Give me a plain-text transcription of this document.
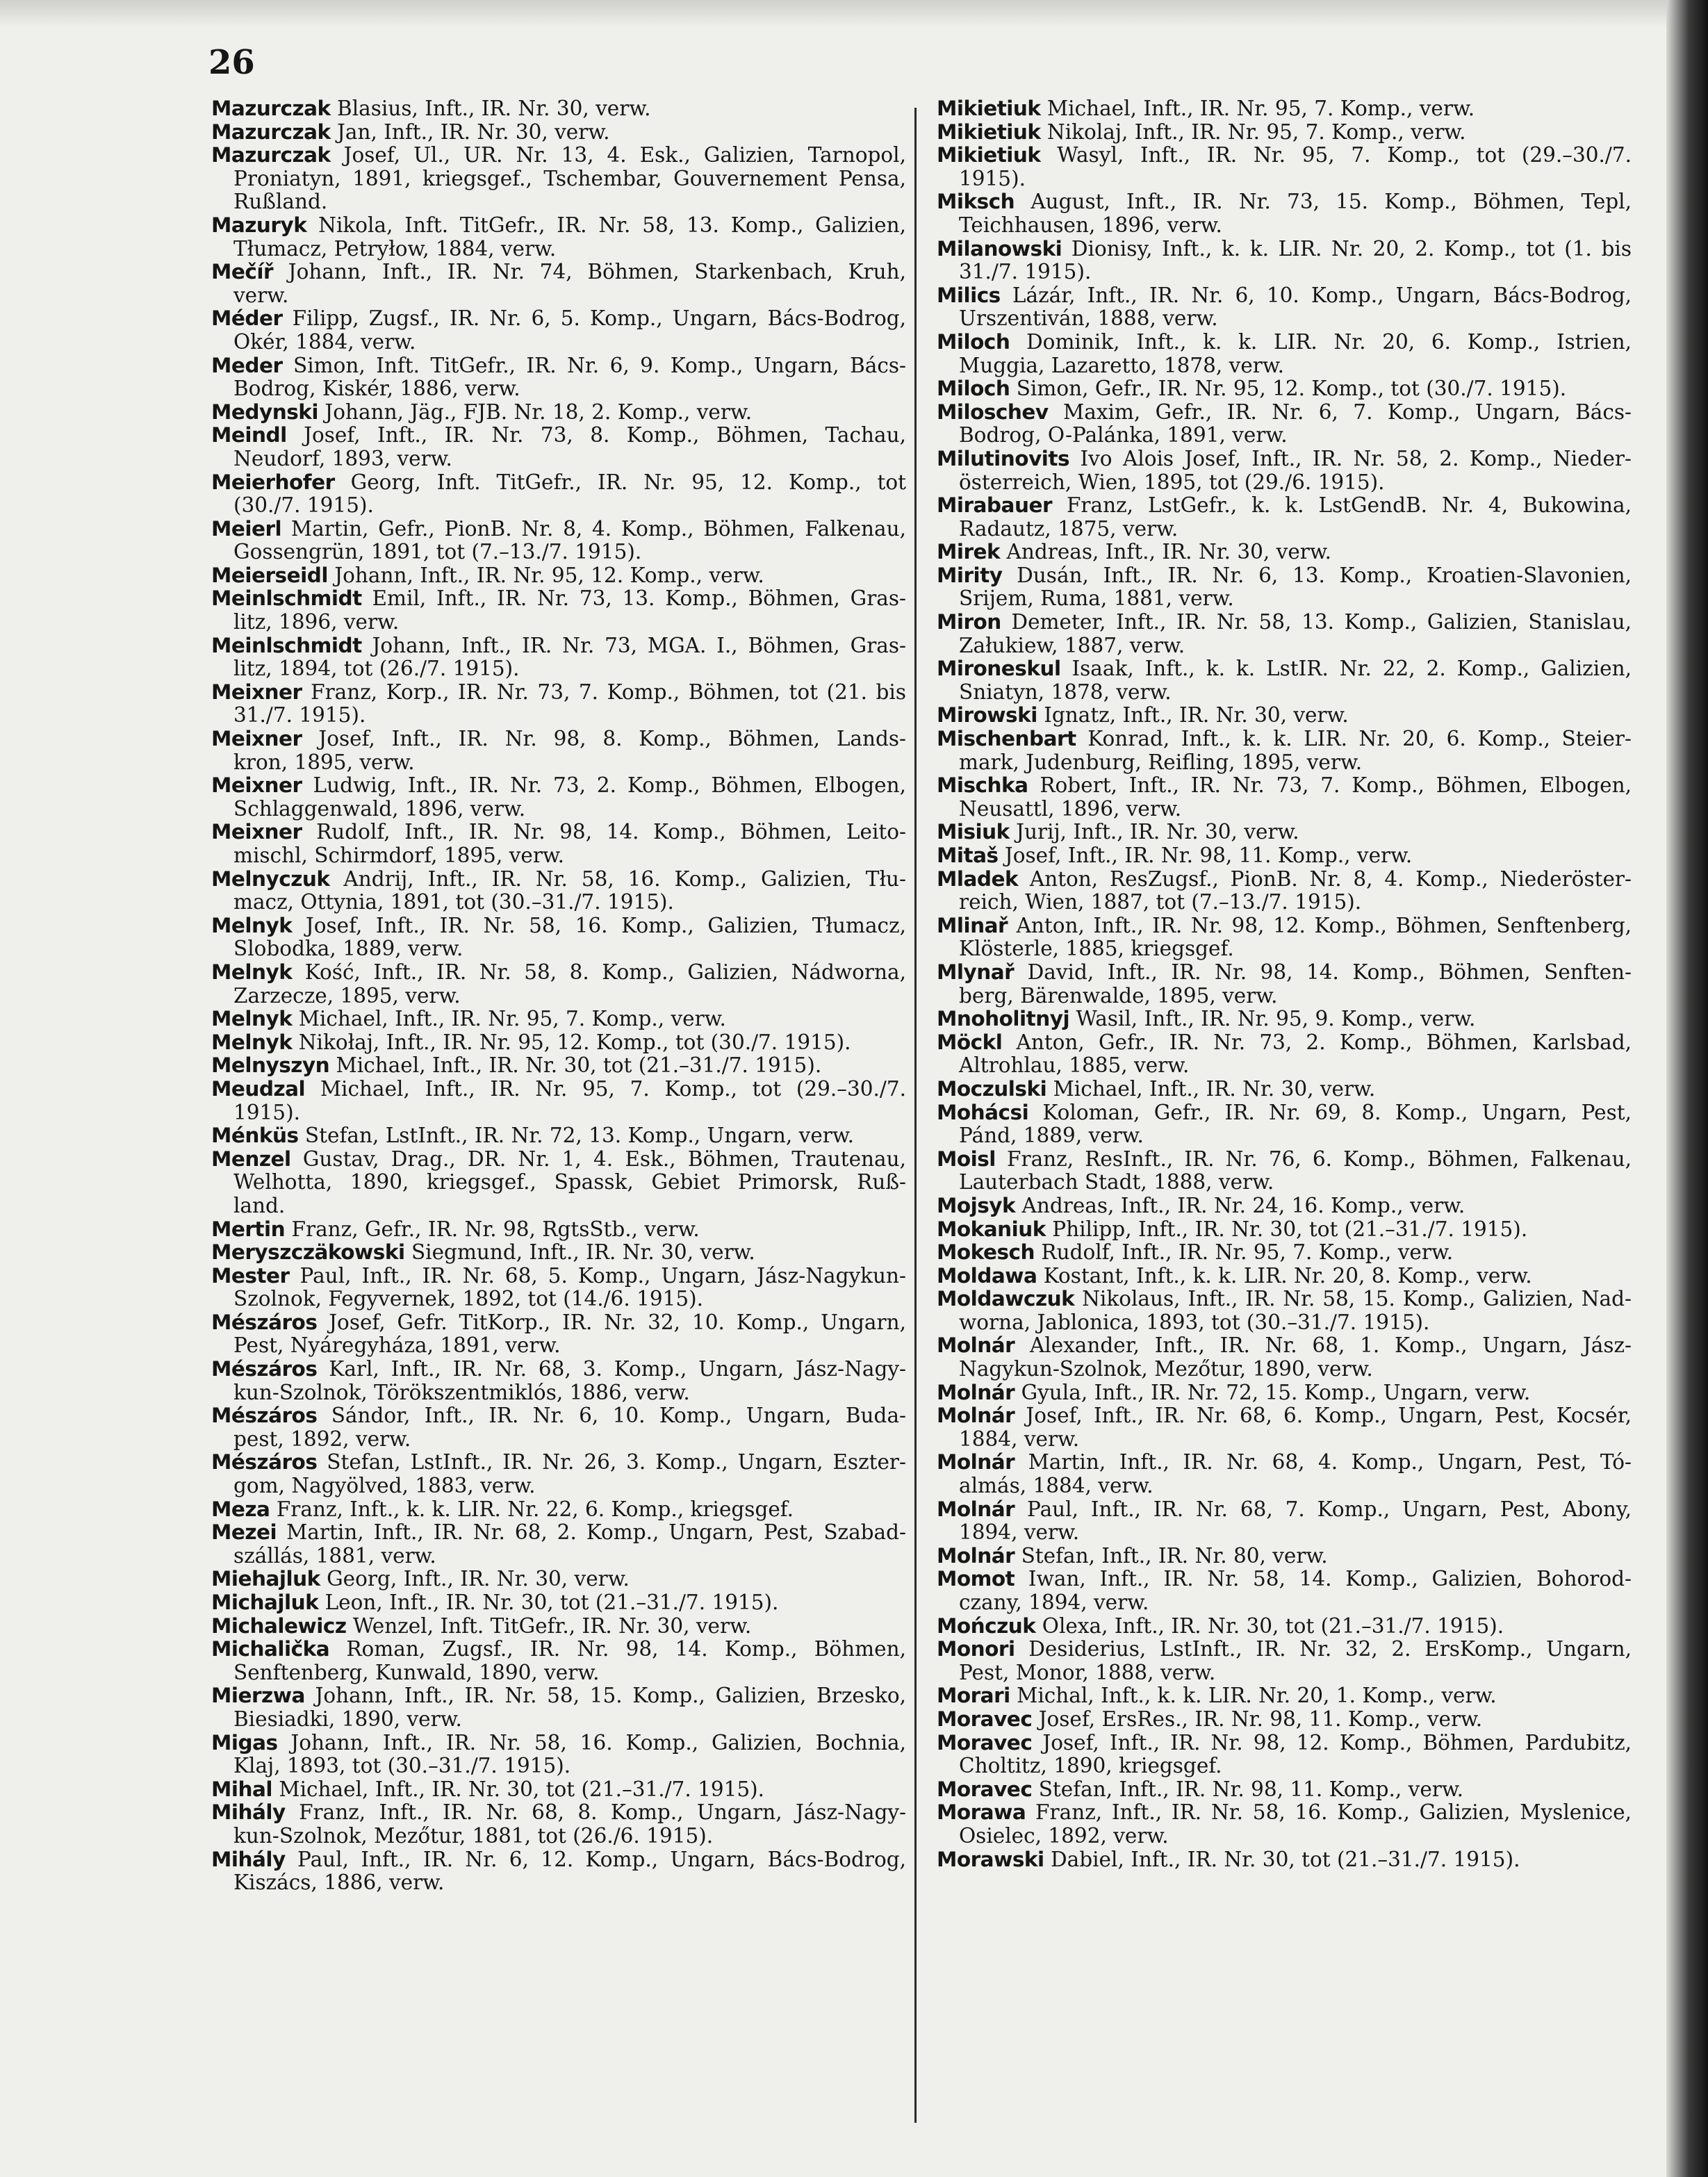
26
Mazurczak Blasius, Inft., IR. Nr. 30, verw.
Mazurczak Jan, Inft., IR. Nr. 30, verw.
Mazurczak Josef, Ul., UR. Nr. 13, 4. Esk., Galizien, Tarnopol,
Proniatyn, 1891, kriegsgef., Tschembar, Gouvernement Pensa,
Rußland.
Mazuryk Nikola, Inft. TitGefr., IR. Nr. 58, 13. Komp., Galizien,
Tłumacz, Petryłow, 1884, verw.
Mečíř Johann, Inft., IR. Nr. 74, Böhmen, Starkenbach, Kruh,
verw.
Méder Filipp, Zugsf., IR. Nr. 6, 5. Komp., Ungarn, Bács-Bodrog,
Okér, 1884, verw.
Meder Simon, Inft. TitGefr., IR. Nr. 6, 9. Komp., Ungarn, Bács-
Bodrog, Kiskér, 1886, verw.
Medynski Johann, Jäg., FJB. Nr. 18, 2. Komp., verw.
Meindl Josef, Inft., IR. Nr. 73, 8. Komp., Böhmen, Tachau,
Neudorf, 1893, verw.
Meierhofer Georg, Inft. TitGefr., IR. Nr. 95, 12. Komp., tot
(30./7. 1915).
Meierl Martin, Gefr., PionB. Nr. 8, 4. Komp., Böhmen, Falkenau,
Gossengrün, 1891, tot (7.–13./7. 1915).
Meierseidl Johann, Inft., IR. Nr. 95, 12. Komp., verw.
Meinlschmidt Emil, Inft., IR. Nr. 73, 13. Komp., Böhmen, Gras-
litz, 1896, verw.
Meinlschmidt Johann, Inft., IR. Nr. 73, MGA. I., Böhmen, Gras-
litz, 1894, tot (26./7. 1915).
Meixner Franz, Korp., IR. Nr. 73, 7. Komp., Böhmen, tot (21. bis
31./7. 1915).
Meixner Josef, Inft., IR. Nr. 98, 8. Komp., Böhmen, Lands-
kron, 1895, verw.
Meixner Ludwig, Inft., IR. Nr. 73, 2. Komp., Böhmen, Elbogen,
Schlaggenwald, 1896, verw.
Meixner Rudolf, Inft., IR. Nr. 98, 14. Komp., Böhmen, Leito-
mischl, Schirmdorf, 1895, verw.
Melnyczuk Andrij, Inft., IR. Nr. 58, 16. Komp., Galizien, Tłu-
macz, Ottynia, 1891, tot (30.–31./7. 1915).
Melnyk Josef, Inft., IR. Nr. 58, 16. Komp., Galizien, Tłumacz,
Slobodka, 1889, verw.
Melnyk Kość, Inft., IR. Nr. 58, 8. Komp., Galizien, Nádworna,
Zarzecze, 1895, verw.
Melnyk Michael, Inft., IR. Nr. 95, 7. Komp., verw.
Melnyk Nikołaj, Inft., IR. Nr. 95, 12. Komp., tot (30./7. 1915).
Melnyszyn Michael, Inft., IR. Nr. 30, tot (21.–31./7. 1915).
Meudzal Michael, Inft., IR. Nr. 95, 7. Komp., tot (29.–30./7.
1915).
Ménküs Stefan, LstInft., IR. Nr. 72, 13. Komp., Ungarn, verw.
Menzel Gustav, Drag., DR. Nr. 1, 4. Esk., Böhmen, Trautenau,
Welhotta, 1890, kriegsgef., Spassk, Gebiet Primorsk, Ruß-
land.
Mertin Franz, Gefr., IR. Nr. 98, RgtsStb., verw.
Meryszczäkowski Siegmund, Inft., IR. Nr. 30, verw.
Mester Paul, Inft., IR. Nr. 68, 5. Komp., Ungarn, Jász-Nagykun-
Szolnok, Fegyvernek, 1892, tot (14./6. 1915).
Mészáros Josef, Gefr. TitKorp., IR. Nr. 32, 10. Komp., Ungarn,
Pest, Nyáregyháza, 1891, verw.
Mészáros Karl, Inft., IR. Nr. 68, 3. Komp., Ungarn, Jász-Nagy-
kun-Szolnok, Törökszentmiklós, 1886, verw.
Mészáros Sándor, Inft., IR. Nr. 6, 10. Komp., Ungarn, Buda-
pest, 1892, verw.
Mészáros Stefan, LstInft., IR. Nr. 26, 3. Komp., Ungarn, Eszter-
gom, Nagyölved, 1883, verw.
Meza Franz, Inft., k. k. LIR. Nr. 22, 6. Komp., kriegsgef.
Mezei Martin, Inft., IR. Nr. 68, 2. Komp., Ungarn, Pest, Szabad-
szállás, 1881, verw.
Miehajluk Georg, Inft., IR. Nr. 30, verw.
Michajluk Leon, Inft., IR. Nr. 30, tot (21.–31./7. 1915).
Michalewicz Wenzel, Inft. TitGefr., IR. Nr. 30, verw.
Michalička Roman, Zugsf., IR. Nr. 98, 14. Komp., Böhmen,
Senftenberg, Kunwald, 1890, verw.
Mierzwa Johann, Inft., IR. Nr. 58, 15. Komp., Galizien, Brzesko,
Biesiadki, 1890, verw.
Migas Johann, Inft., IR. Nr. 58, 16. Komp., Galizien, Bochnia,
Klaj, 1893, tot (30.–31./7. 1915).
Mihal Michael, Inft., IR. Nr. 30, tot (21.–31./7. 1915).
Mihály Franz, Inft., IR. Nr. 68, 8. Komp., Ungarn, Jász-Nagy-
kun-Szolnok, Mezőtur, 1881, tot (26./6. 1915).
Mihály Paul, Inft., IR. Nr. 6, 12. Komp., Ungarn, Bács-Bodrog,
Kiszács, 1886, verw.
Mikietiuk Michael, Inft., IR. Nr. 95, 7. Komp., verw.
Mikietiuk Nikolaj, Inft., IR. Nr. 95, 7. Komp., verw.
Mikietiuk Wasyl, Inft., IR. Nr. 95, 7. Komp., tot (29.–30./7.
1915).
Miksch August, Inft., IR. Nr. 73, 15. Komp., Böhmen, Tepl,
Teichhausen, 1896, verw.
Milanowski Dionisy, Inft., k. k. LIR. Nr. 20, 2. Komp., tot (1. bis
31./7. 1915).
Milics Lázár, Inft., IR. Nr. 6, 10. Komp., Ungarn, Bács-Bodrog,
Urszentiván, 1888, verw.
Miloch Dominik, Inft., k. k. LIR. Nr. 20, 6. Komp., Istrien,
Muggia, Lazaretto, 1878, verw.
Miloch Simon, Gefr., IR. Nr. 95, 12. Komp., tot (30./7. 1915).
Miloschev Maxim, Gefr., IR. Nr. 6, 7. Komp., Ungarn, Bács-
Bodrog, O-Palánka, 1891, verw.
Milutinovits Ivo Alois Josef, Inft., IR. Nr. 58, 2. Komp., Nieder-
österreich, Wien, 1895, tot (29./6. 1915).
Mirabauer Franz, LstGefr., k. k. LstGendB. Nr. 4, Bukowina,
Radautz, 1875, verw.
Mirek Andreas, Inft., IR. Nr. 30, verw.
Mirity Dusán, Inft., IR. Nr. 6, 13. Komp., Kroatien-Slavonien,
Srijem, Ruma, 1881, verw.
Miron Demeter, Inft., IR. Nr. 58, 13. Komp., Galizien, Stanislau,
Załukiew, 1887, verw.
Mironeskul Isaak, Inft., k. k. LstIR. Nr. 22, 2. Komp., Galizien,
Sniatyn, 1878, verw.
Mirowski Ignatz, Inft., IR. Nr. 30, verw.
Mischenbart Konrad, Inft., k. k. LIR. Nr. 20, 6. Komp., Steier-
mark, Judenburg, Reifling, 1895, verw.
Mischka Robert, Inft., IR. Nr. 73, 7. Komp., Böhmen, Elbogen,
Neusattl, 1896, verw.
Misiuk Jurij, Inft., IR. Nr. 30, verw.
Mitaš Josef, Inft., IR. Nr. 98, 11. Komp., verw.
Mladek Anton, ResZugsf., PionB. Nr. 8, 4. Komp., Niederöster-
reich, Wien, 1887, tot (7.–13./7. 1915).
Mlinař Anton, Inft., IR. Nr. 98, 12. Komp., Böhmen, Senftenberg,
Klösterle, 1885, kriegsgef.
Mlynař David, Inft., IR. Nr. 98, 14. Komp., Böhmen, Senften-
berg, Bärenwalde, 1895, verw.
Mnoholitnyj Wasil, Inft., IR. Nr. 95, 9. Komp., verw.
Möckl Anton, Gefr., IR. Nr. 73, 2. Komp., Böhmen, Karlsbad,
Altrohlau, 1885, verw.
Moczulski Michael, Inft., IR. Nr. 30, verw.
Mohácsi Koloman, Gefr., IR. Nr. 69, 8. Komp., Ungarn, Pest,
Pánd, 1889, verw.
Moisl Franz, ResInft., IR. Nr. 76, 6. Komp., Böhmen, Falkenau,
Lauterbach Stadt, 1888, verw.
Mojsyk Andreas, Inft., IR. Nr. 24, 16. Komp., verw.
Mokaniuk Philipp, Inft., IR. Nr. 30, tot (21.–31./7. 1915).
Mokesch Rudolf, Inft., IR. Nr. 95, 7. Komp., verw.
Moldawa Kostant, Inft., k. k. LIR. Nr. 20, 8. Komp., verw.
Moldawczuk Nikolaus, Inft., IR. Nr. 58, 15. Komp., Galizien, Nad-
worna, Jablonica, 1893, tot (30.–31./7. 1915).
Molnár Alexander, Inft., IR. Nr. 68, 1. Komp., Ungarn, Jász-
Nagykun-Szolnok, Mezőtur, 1890, verw.
Molnár Gyula, Inft., IR. Nr. 72, 15. Komp., Ungarn, verw.
Molnár Josef, Inft., IR. Nr. 68, 6. Komp., Ungarn, Pest, Kocsér,
1884, verw.
Molnár Martin, Inft., IR. Nr. 68, 4. Komp., Ungarn, Pest, Tó-
almás, 1884, verw.
Molnár Paul, Inft., IR. Nr. 68, 7. Komp., Ungarn, Pest, Abony,
1894, verw.
Molnár Stefan, Inft., IR. Nr. 80, verw.
Momot Iwan, Inft., IR. Nr. 58, 14. Komp., Galizien, Bohorod-
czany, 1894, verw.
Mończuk Olexa, Inft., IR. Nr. 30, tot (21.–31./7. 1915).
Monori Desiderius, LstInft., IR. Nr. 32, 2. ErsKomp., Ungarn,
Pest, Monor, 1888, verw.
Morari Michal, Inft., k. k. LIR. Nr. 20, 1. Komp., verw.
Moravec Josef, ErsRes., IR. Nr. 98, 11. Komp., verw.
Moravec Josef, Inft., IR. Nr. 98, 12. Komp., Böhmen, Pardubitz,
Choltitz, 1890, kriegsgef.
Moravec Stefan, Inft., IR. Nr. 98, 11. Komp., verw.
Morawa Franz, Inft., IR. Nr. 58, 16. Komp., Galizien, Myslenice,
Osielec, 1892, verw.
Morawski Dabiel, Inft., IR. Nr. 30, tot (21.–31./7. 1915).
